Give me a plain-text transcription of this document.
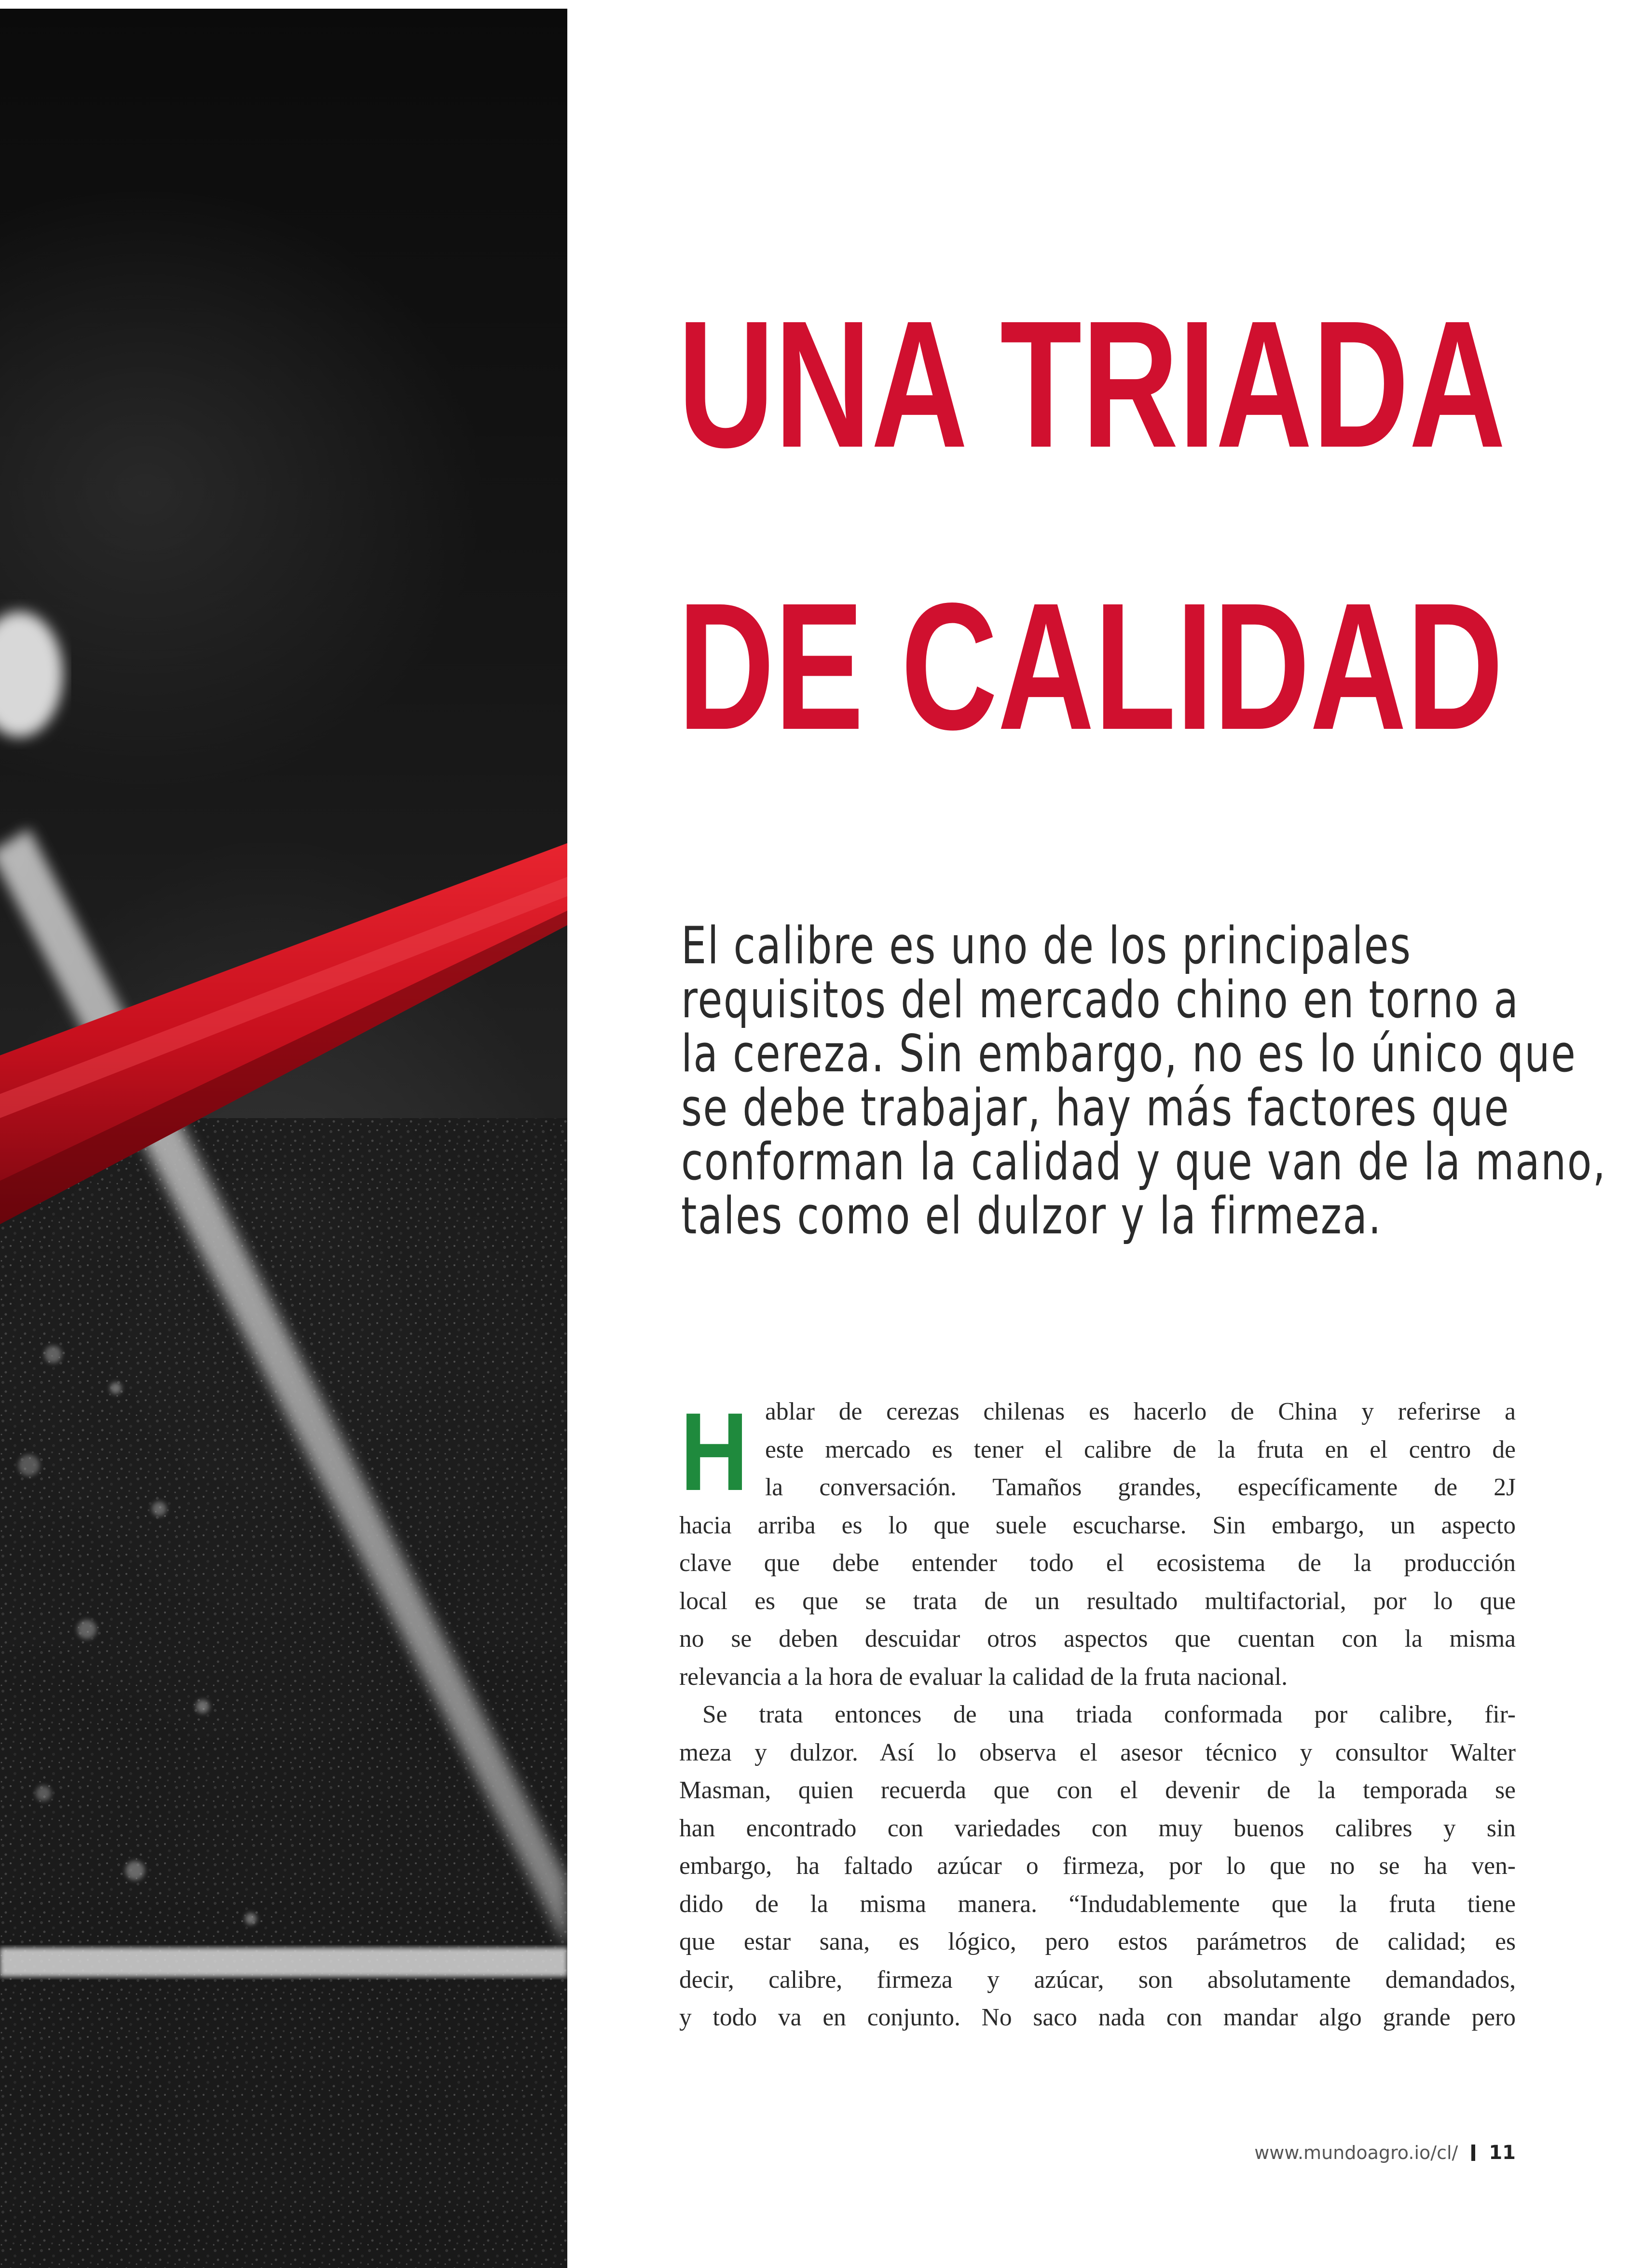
UNA TRIADA
DE CALIDAD

El calibre es uno de los principales
requisitos del mercado chino en torno a
la cereza. Sin embargo, no es lo único que
se debe trabajar, hay más factores que
conforman la calidad y que van de la mano,
tales como el dulzor y la firmeza.

H ablar de cerezas chilenas es hacerlo de China y referirse a
este mercado es tener el calibre de la fruta en el centro de
la conversación. Tamaños grandes, específicamente de 2J
hacia arriba es lo que suele escucharse. Sin embargo, un aspecto
clave que debe entender todo el ecosistema de la producción
local es que se trata de un resultado multifactorial, por lo que
no se deben descuidar otros aspectos que cuentan con la misma
relevancia a la hora de evaluar la calidad de la fruta nacional.
Se trata entonces de una triada conformada por calibre, fir-
meza y dulzor. Así lo observa el asesor técnico y consultor Walter
Masman, quien recuerda que con el devenir de la temporada se
han encontrado con variedades con muy buenos calibres y sin
embargo, ha faltado azúcar o firmeza, por lo que no se ha ven-
dido de la misma manera. “Indudablemente que la fruta tiene
que estar sana, es lógico, pero estos parámetros de calidad; es
decir, calibre, firmeza y azúcar, son absolutamente demandados,
y todo va en conjunto. No saco nada con mandar algo grande pero
www.mundoagro.io/cl/ 11
